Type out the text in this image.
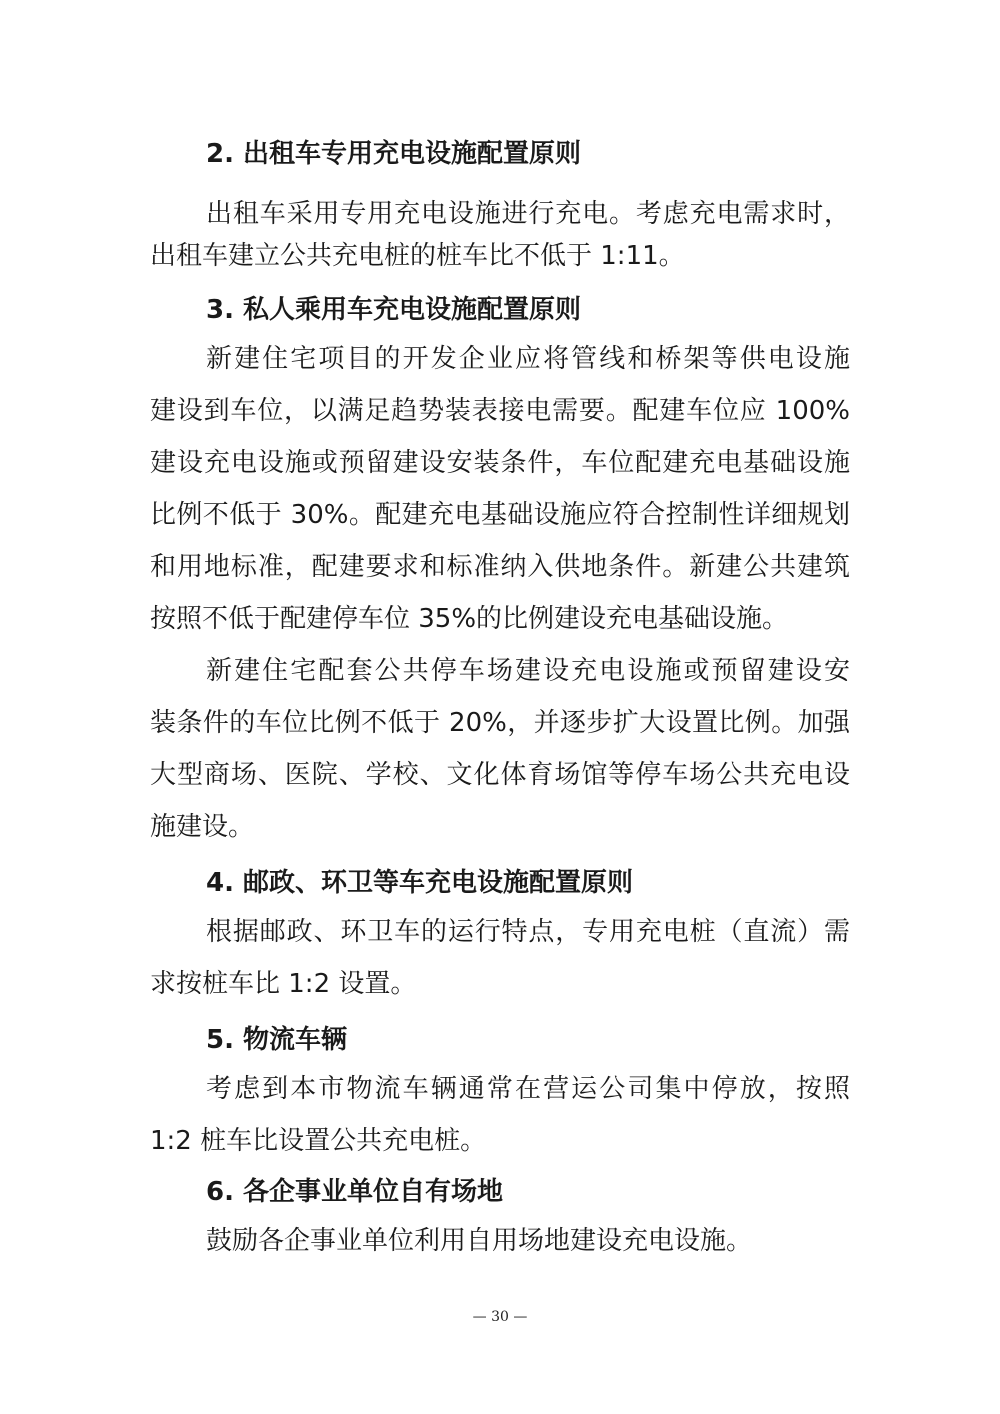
2. 出租车专用充电设施配置原则
出租车采用专用充电设施进行充电。考虑充电需求时，
出租车建立公共充电桩的桩车比不低于 1:11。
3. 私人乘用车充电设施配置原则
新建住宅项目的开发企业应将管线和桥架等供电设施
建设到车位，以满足趋势装表接电需要。配建车位应 100%
建设充电设施或预留建设安装条件，车位配建充电基础设施
比例不低于 30%。配建充电基础设施应符合控制性详细规划
和用地标准，配建要求和标准纳入供地条件。新建公共建筑
按照不低于配建停车位 35%的比例建设充电基础设施。
新建住宅配套公共停车场建设充电设施或预留建设安
装条件的车位比例不低于 20%，并逐步扩大设置比例。加强
大型商场、医院、学校、文化体育场馆等停车场公共充电设
施建设。
4. 邮政、环卫等车充电设施配置原则
根据邮政、环卫车的运行特点，专用充电桩（直流）需
求按桩车比 1:2 设置。
5. 物流车辆
考虑到本市物流车辆通常在营运公司集中停放，按照
1:2 桩车比设置公共充电桩。
6. 各企事业单位自有场地
鼓励各企事业单位利用自用场地建设充电设施。
— 30 —
